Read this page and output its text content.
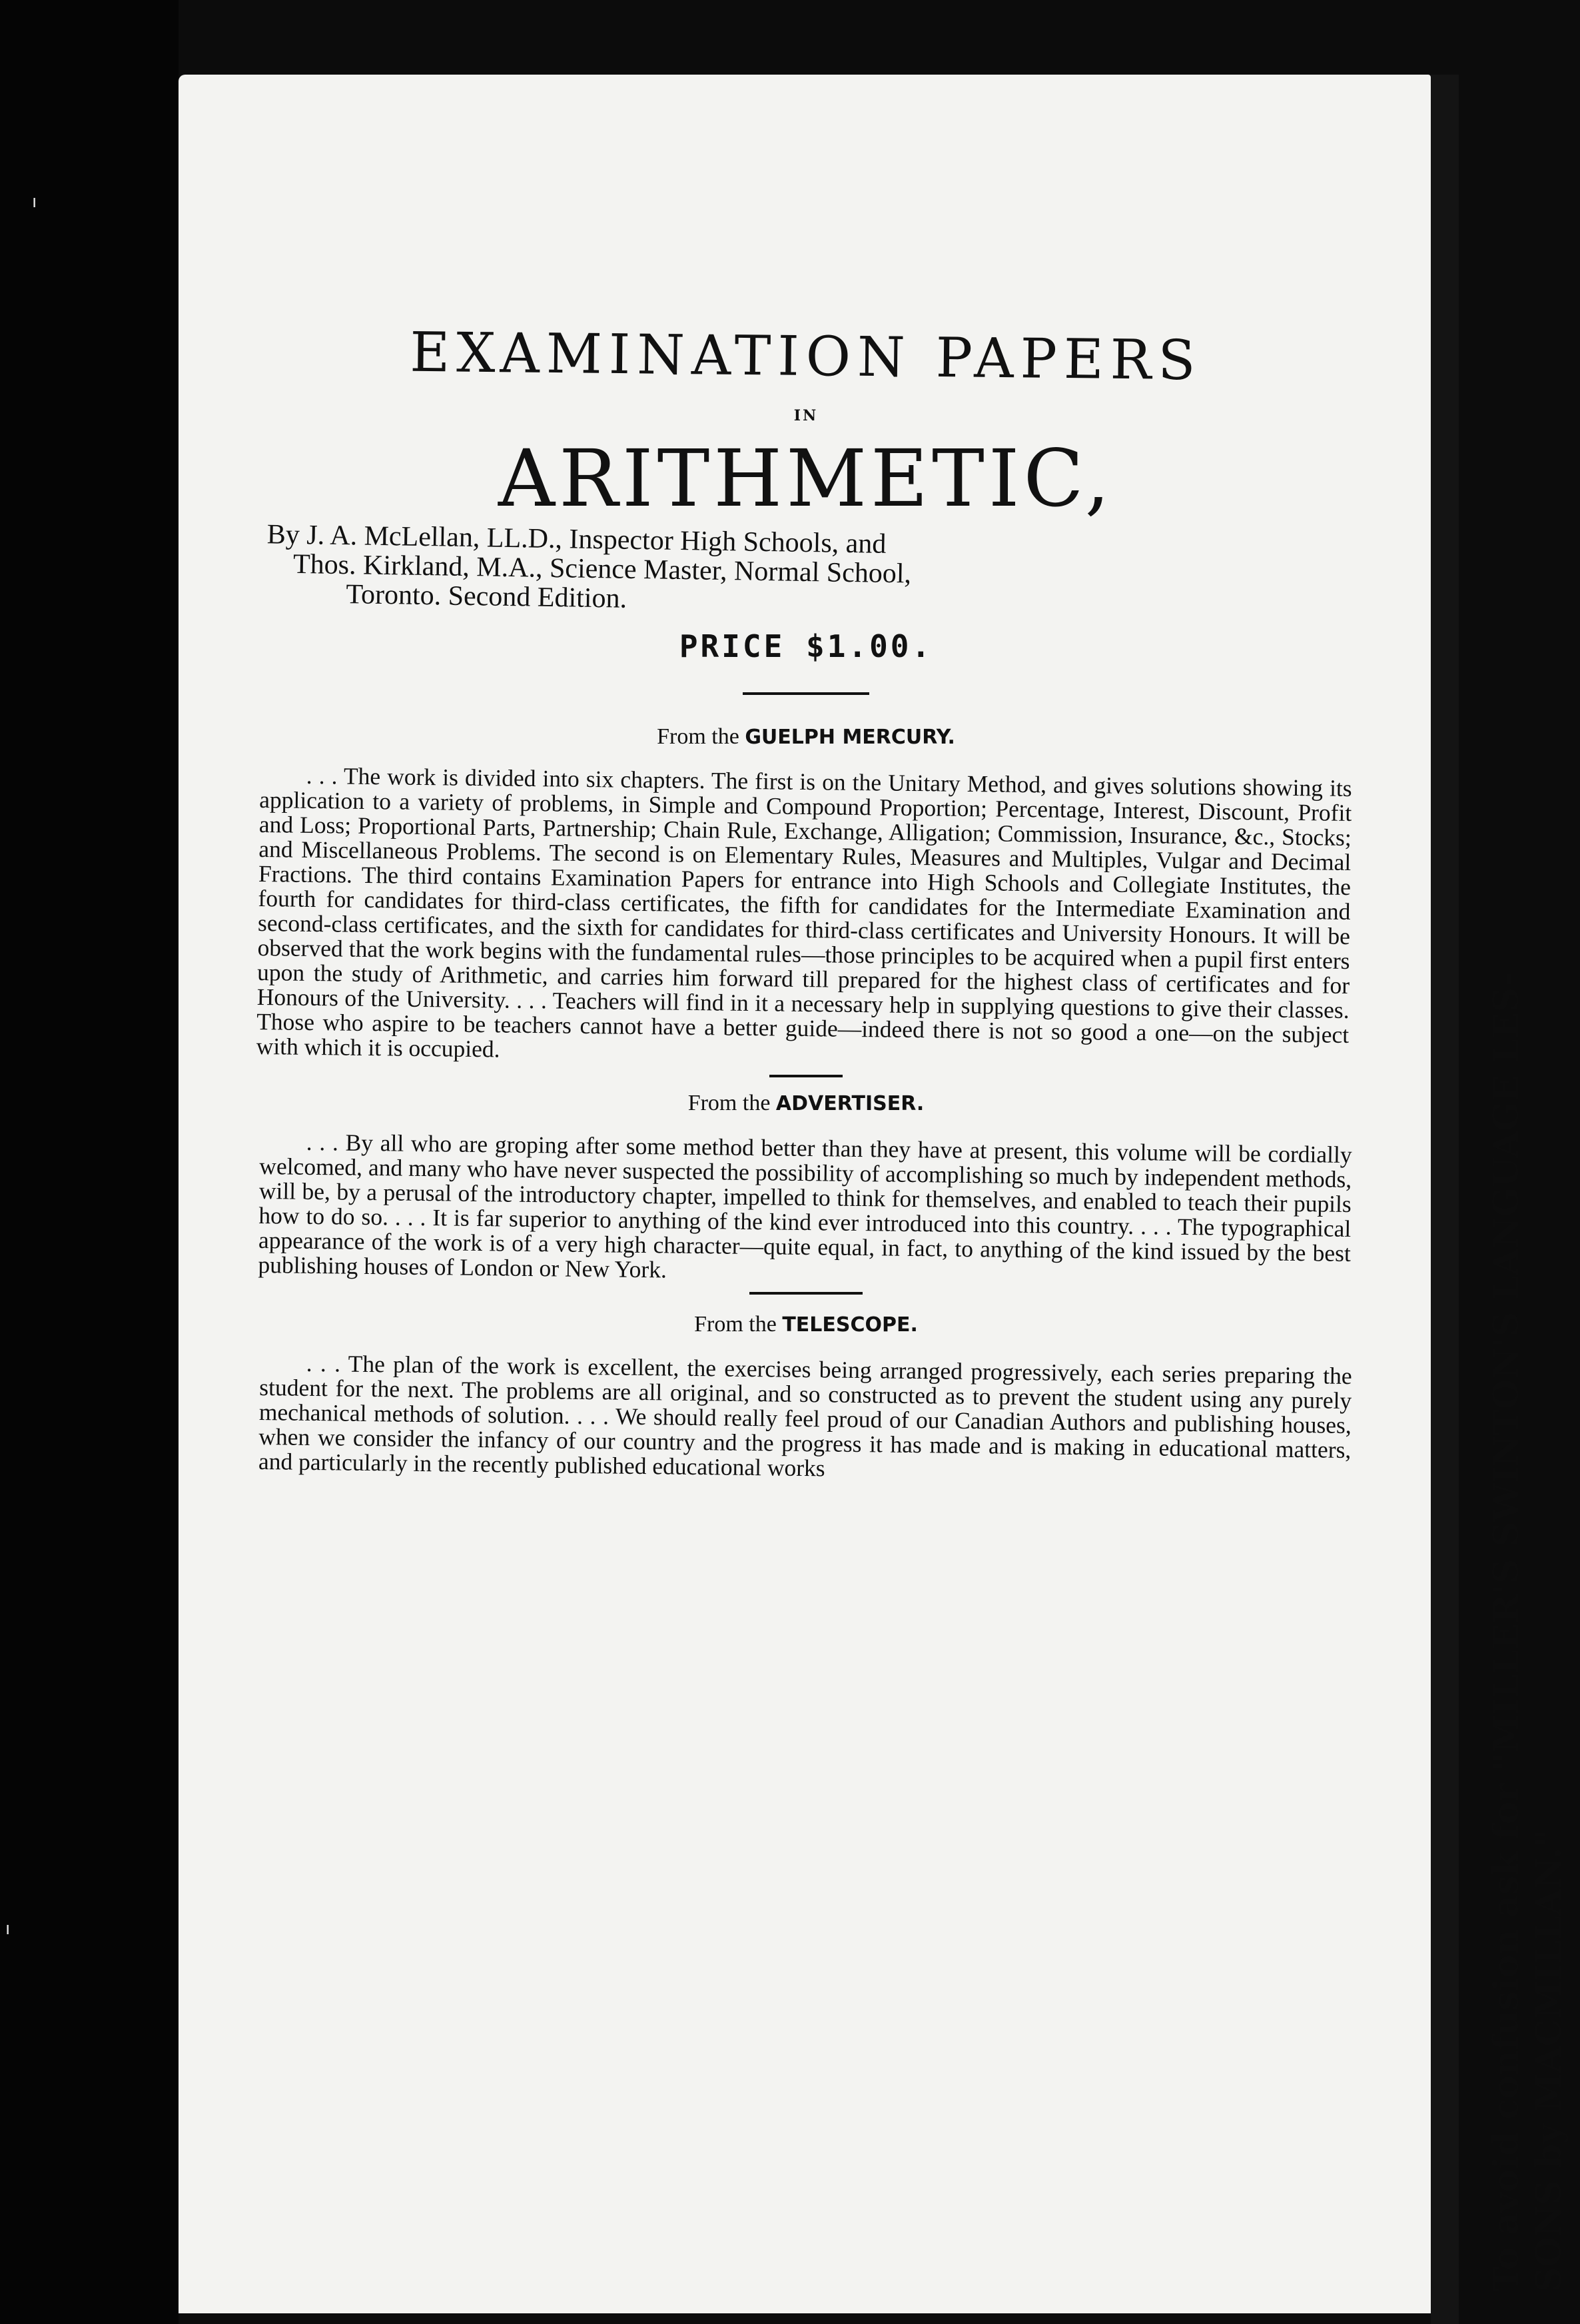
ı
ı
EXAMINATION PAPERS
IN
ARITHMETIC,

By J. A. McLellan, LL.D., Inspector High Schools, and

Thos. Kirkland, M.A., Science Master, Normal School,

Toronto. Second Edition.

PRICE $1.00.
From the GUELPH MERCURY.

. . . The work is divided into six chapters. The first is on the Unitary Method, and gives solutions showing its application to a variety of problems, in Simple and Compound Proportion; Percentage, Interest, Discount, Profit and Loss; Proportional Parts, Partnership; Chain Rule, Exchange, Alligation; Commission, Insurance, &c., Stocks; and Miscellaneous Problems. The second is on Elementary Rules, Measures and Multiples, Vulgar and Decimal Fractions. The third contains Examination Papers for entrance into High Schools and Collegiate Institutes, the fourth for candidates for third-class certificates, the fifth for candidates for the Intermediate Examination and second-class certificates, and the sixth for candidates for third-class certificates and University Honours. It will be observed that the work begins with the fundamental rules—those principles to be acquired when a pupil first enters upon the study of Arithmetic, and carries him forward till prepared for the highest class of certificates and for Honours of the University. . . . Teachers will find in it a necessary help in supplying questions to give their classes. Those who aspire to be teachers cannot have a better guide—indeed there is not so good a one—on the subject with which it is occupied.

From the ADVERTISER.

. . . By all who are groping after some method better than they have at present, this volume will be cordially welcomed, and many who have never suspected the possibility of accomplishing so much by independent methods, will be, by a perusal of the introductory chapter, impelled to think for themselves, and enabled to teach their pupils how to do so. . . . It is far superior to anything of the kind ever introduced into this country. . . . The typographical appearance of the work is of a very high character—quite equal, in fact, to anything of the kind issued by the best publishing houses of London or New York.

From the TELESCOPE.

. . . The plan of the work is excellent, the exercises being arranged progressively, each series preparing the student for the next. The problems are all original, and so constructed as to prevent the student using any purely mechanical methods of solution. . . . We should really feel proud of our Canadian Authors and publishing houses, when we consider the infancy of our country and the progress it has made and is making in educational matters, and particularly in the recently published educational works	To avoid confusion ask for "MILLER'S SWINTON'S LANGUAGE LES- SONS by MACMILLAN."
